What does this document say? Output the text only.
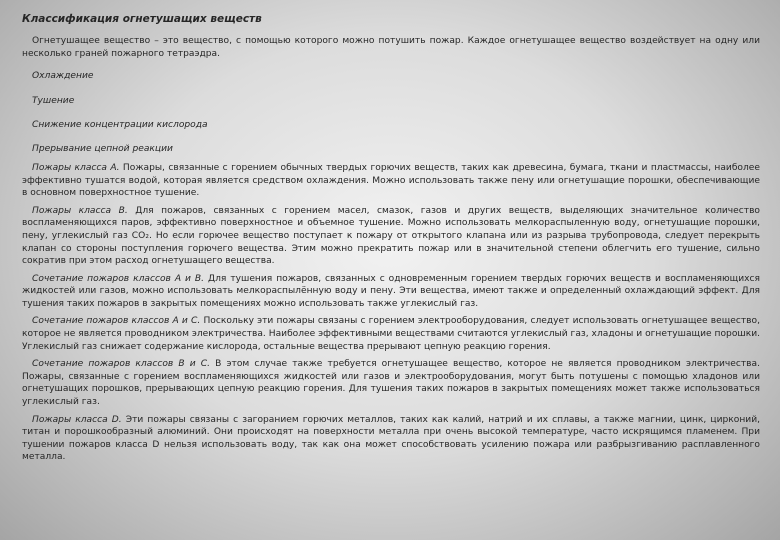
Классификация огнетушащих веществ

Огнетушащее вещество – это вещество, с помощью которого можно потушить пожар. Каждое огнетушащее вещество воздействует на одну или несколько граней пожарного тетраэдра.

Охлаждение
Тушение
Снижение концентрации кислорода
Прерывание цепной реакции

Пожары класса А. Пожары, связанные с горением обычных твердых горючих веществ, таких как древесина, бумага, ткани и пластмассы, наиболее эффективно тушатся водой, которая является средством охлаждения. Можно использовать также пену или огнетушащие порошки, обеспечивающие в основном поверхностное тушение.

Пожары класса В. Для пожаров, связанных с горением масел, смазок, газов и других веществ, выделяющих значительное количество воспламеняющихся паров, эффективно поверхностное и объемное тушение. Можно использовать мелкораспыленную воду, огнетушащие порошки, пену, углекислый газ CO₂. Но если горючее вещество поступает к пожару от открытого клапана или из разрыва трубопровода, следует перекрыть клапан со стороны поступления горючего вещества. Этим можно прекратить пожар или в значительной степени облегчить его тушение, сильно сократив при этом расход огнетушащего вещества.

Сочетание пожаров классов А и В. Для тушения пожаров, связанных с одновременным горением твердых горючих веществ и воспламеняющихся жидкостей или газов, можно использовать мелкораспылённую воду и пену. Эти вещества, имеют также и определенный охлаждающий эффект. Для тушения таких пожаров в закрытых помещениях можно использовать также углекислый газ.

Сочетание пожаров классов А и С. Поскольку эти пожары связаны с горением электрооборудования, следует использовать огнетушащее вещество, которое не является проводником электричества. Наиболее эффективными веществами считаются углекислый газ, хладоны и огнетушащие порошки. Углекислый газ снижает содержание кислорода, остальные вещества прерывают цепную реакцию горения.

Сочетание пожаров классов В и С. В этом случае также требуется огнетушащее вещество, которое не является проводником электричества. Пожары, связанные с горением воспламеняющихся жидкостей или газов и электрооборудования, могут быть потушены с помощью хладонов или огнетушащих порошков, прерывающих цепную реакцию горения. Для тушения таких пожаров в закрытых помещениях может также использоваться углекислый газ.

Пожары класса D. Эти пожары связаны с загоранием горючих металлов, таких как калий, натрий и их сплавы, а также магнии, цинк, цирконий, титан и порошкообразный алюминий. Они происходят на поверхности металла при очень высокой температуре, часто искрящимся пламенем. При тушении пожаров класса D нельзя использовать воду, так как она может способствовать усилению пожара или разбрызгиванию расплавленного металла.
